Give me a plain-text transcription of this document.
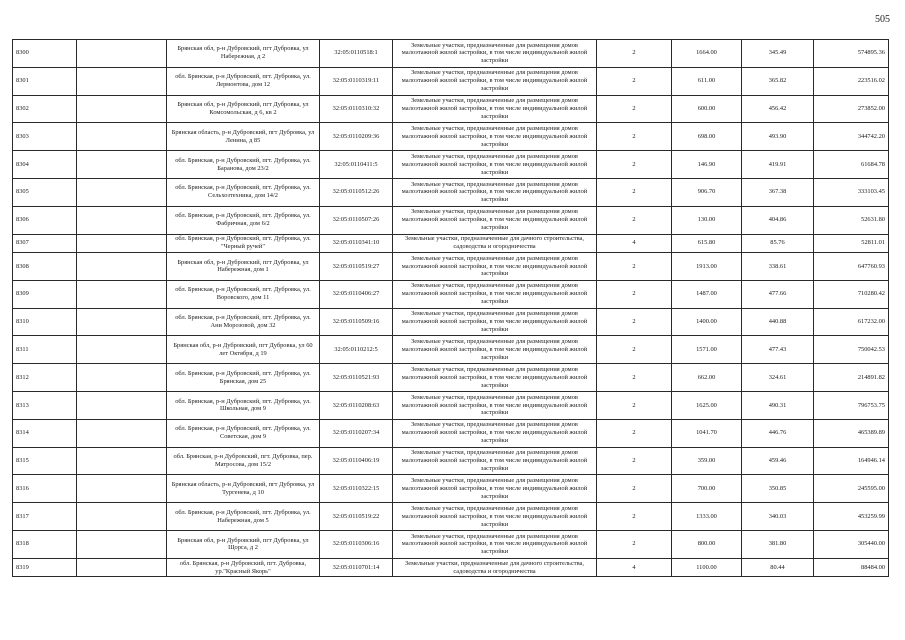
505
8300		Брянская обл, р-н Дубровский, пгт Дубровка, ул Набережная, д 2	32:05:0110518:1	Земельные участки, предназначенные для размещения домов малоэтажной жилой застройки, в том числе индивидуальной жилой застройки	2	1664.00	345.49	574895.36
8301		обл. Брянская, р-н Дубровский, пгт. Дубровка, ул. Лермонтова, дом 12	32:05:0110319:11	Земельные участки, предназначенные для размещения домов малоэтажной жилой застройки, в том числе индивидуальной жилой застройки	2	611.00	365.82	223516.02
8302		Брянская обл, р-н Дубровский, пгт Дубровка, ул Комсомольская, д 6, кв 2	32:05:0110310:32	Земельные участки, предназначенные для размещения домов малоэтажной жилой застройки, в том числе индивидуальной жилой застройки	2	600.00	456.42	273852.00
8303		Брянская область, р-н Дубровский, пгт Дубровка, ул Ленина, д 85	32:05:0110209:36	Земельные участки, предназначенные для размещения домов малоэтажной жилой застройки, в том числе индивидуальной жилой застройки	2	698.00	493.90	344742.20
8304		обл. Брянская, р-н Дубровский, пгт. Дубровка, ул. Баранова, дом 23/2	32:05:0110411:5	Земельные участки, предназначенные для размещения домов малоэтажной жилой застройки, в том числе индивидуальной жилой застройки	2	146.90	419.91	61684.78
8305		обл. Брянская, р-н Дубровский, пгт. Дубровка, ул. Сельхозтехника, дом 14/2	32:05:0110512:26	Земельные участки, предназначенные для размещения домов малоэтажной жилой застройки, в том числе индивидуальной жилой застройки	2	906.70	367.38	333103.45
8306		обл. Брянская, р-н Дубровский, пгт. Дубровка, ул. Фабричная, дом 6/2	32:05:0110507:26	Земельные участки, предназначенные для размещения домов малоэтажной жилой застройки, в том числе индивидуальной жилой застройки	2	130.00	404.86	52631.80
8307		обл. Брянская, р-н Дубровский, пгт. Дубровка, ул. "Черный ручей"	32:05:0110341:10	Земельные участки, предназначенные для дачного строительства, садоводства и огородничества	4	615.80	85.76	52811.01
8308		Брянская обл, р-н Дубровский, пгт Дубровка, ул Набережная, дом 1	32:05:0110519:27	Земельные участки, предназначенные для размещения домов малоэтажной жилой застройки, в том числе индивидуальной жилой застройки	2	1913.00	338.61	647760.93
8309		обл. Брянская, р-н Дубровский, пгт. Дубровка, ул. Воровского, дом 11	32:05:0110406:27	Земельные участки, предназначенные для размещения домов малоэтажной жилой застройки, в том числе индивидуальной жилой застройки	2	1487.00	477.66	710280.42
8310		обл. Брянская, р-н Дубровский, пгт. Дубровка, ул. Ани Морозовой, дом 32	32:05:0110509:16	Земельные участки, предназначенные для размещения домов малоэтажной жилой застройки, в том числе индивидуальной жилой застройки	2	1400.00	440.88	617232.00
8311		Брянская обл, р-н Дубровский, пгт Дубровка, ул 60 лет Октября, д 19	32:05:0110212:5	Земельные участки, предназначенные для размещения домов малоэтажной жилой застройки, в том числе индивидуальной жилой застройки	2	1571.00	477.43	750042.53
8312		обл. Брянская, р-н Дубровский, пгт. Дубровка, ул. Брянская, дом 25	32:05:0110521:93	Земельные участки, предназначенные для размещения домов малоэтажной жилой застройки, в том числе индивидуальной жилой застройки	2	662.00	324.61	214891.82
8313		обл. Брянская, р-н Дубровский, пгт. Дубровка, ул. Школьная, дом 9	32:05:0110208:63	Земельные участки, предназначенные для размещения домов малоэтажной жилой застройки, в том числе индивидуальной жилой застройки	2	1625.00	490.31	796753.75
8314		обл. Брянская, р-н Дубровский, пгт. Дубровка, ул. Советская, дом 9	32:05:0110207:34	Земельные участки, предназначенные для размещения домов малоэтажной жилой застройки, в том числе индивидуальной жилой застройки	2	1041.70	446.76	465389.89
8315		обл. Брянская, р-н Дубровский, пгт. Дубровка, пер. Матросова, дом 15/2	32:05:0110406:19	Земельные участки, предназначенные для размещения домов малоэтажной жилой застройки, в том числе индивидуальной жилой застройки	2	359.00	459.46	164946.14
8316		Брянская область, р-н Дубровский, пгт Дубровка, ул Тургенева, д 10	32:05:0110322:15	Земельные участки, предназначенные для размещения домов малоэтажной жилой застройки, в том числе индивидуальной жилой застройки	2	700.00	350.85	245595.00
8317		обл. Брянская, р-н Дубровский, пгт. Дубровка, ул. Набережная, дом 5	32:05:0110519:22	Земельные участки, предназначенные для размещения домов малоэтажной жилой застройки, в том числе индивидуальной жилой застройки	2	1333.00	340.03	453259.99
8318		Брянская обл, р-н Дубровский, пгт Дубровка, ул Щорса, д 2	32:05:0110306:16	Земельные участки, предназначенные для размещения домов малоэтажной жилой застройки, в том числе индивидуальной жилой застройки	2	800.00	381.80	305440.00
8319		обл. Брянская, р-н Дубровский, пгт. Дубровка, ур."Красный Якорь"	32:05:0110701:14	Земельные участки, предназначенные для дачного строительства, садоводства и огородничества	4	1100.00	80.44	88484.00
